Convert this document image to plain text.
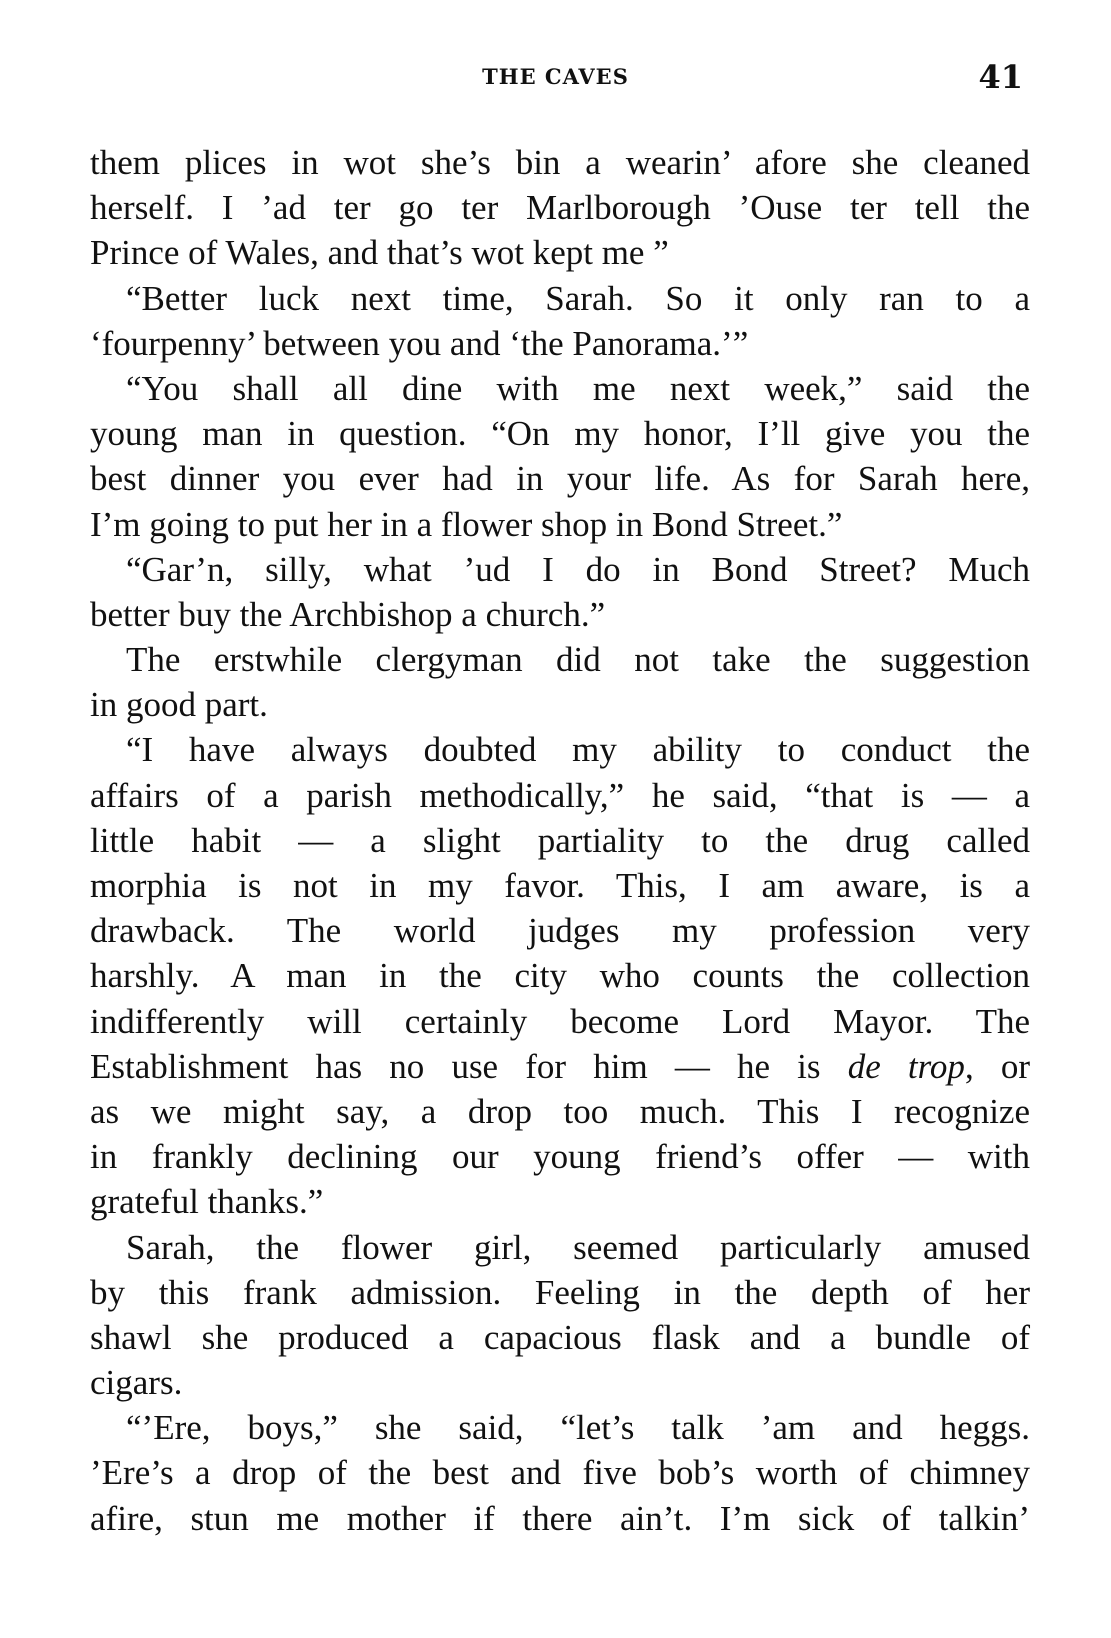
THE CAVES	41
them plices in wot she’s bin a wearin’ afore she cleaned
herself. I ’ad ter go ter Marlborough ’Ouse ter tell the
Prince of Wales, and that’s wot kept me ”
“Better luck next time, Sarah. So it only ran to a
‘fourpenny’ between you and ‘the Panorama.’”
“You shall all dine with me next week,” said the
young man in question. “On my honor, I’ll give you the
best dinner you ever had in your life. As for Sarah here,
I’m going to put her in a flower shop in Bond Street.”
“Gar’n, silly, what ’ud I do in Bond Street? Much
better buy the Archbishop a church.”
The erstwhile clergyman did not take the suggestion
in good part.
“I have always doubted my ability to conduct the
affairs of a parish methodically,” he said, “that is — a
little habit — a slight partiality to the drug called
morphia is not in my favor. This, I am aware, is a
drawback. The world judges my profession very
harshly. A man in the city who counts the collection
indifferently will certainly become Lord Mayor. The
Establishment has no use for him — he is de trop, or
as we might say, a drop too much. This I recognize
in frankly declining our young friend’s offer — with
grateful thanks.”
Sarah, the flower girl, seemed particularly amused
by this frank admission. Feeling in the depth of her
shawl she produced a capacious flask and a bundle of
cigars.
“’Ere, boys,” she said, “let’s talk ’am and heggs.
’Ere’s a drop of the best and five bob’s worth of chimney
afire, stun me mother if there ain’t. I’m sick of talkin’
